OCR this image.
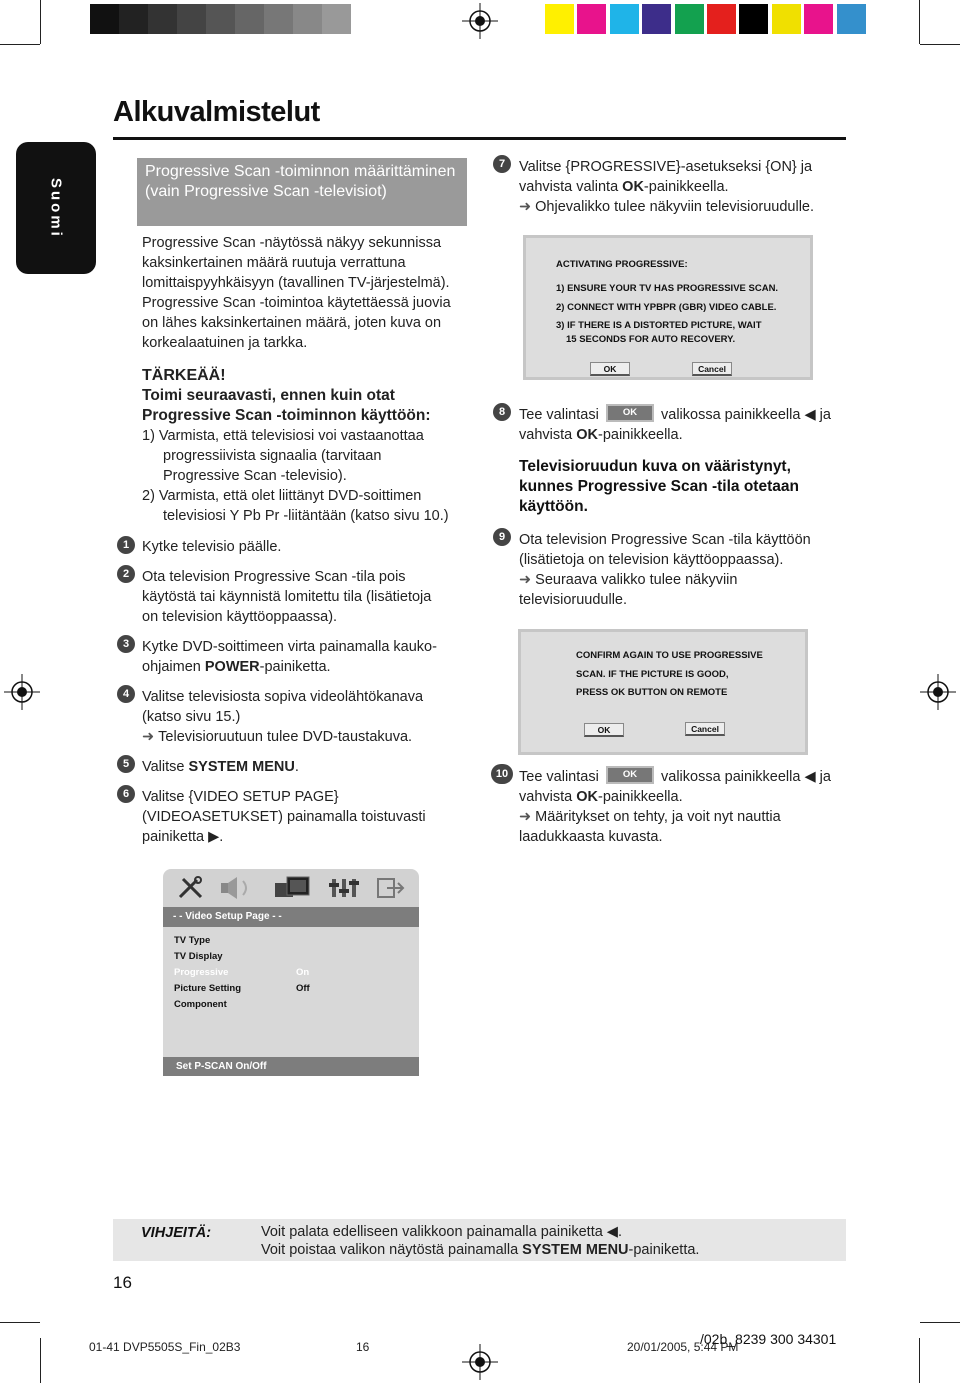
Alkuvalmistelut
Suomi
Progressive Scan -toiminnon määrittäminen (vain Progressive Scan -televisiot)
Progressive Scan -näytössä näkyy sekunnissa
kaksinkertainen määrä ruutuja verrattuna
lomittaispyyhkäisyyn (tavallinen TV-järjestelmä).
Progressive Scan -toimintoa käytettäessä juovia
on lähes kaksinkertainen määrä, joten kuva on
korkealaatuinen ja tarkka.
TÄRKEÄÄ!
Toimi seuraavasti, ennen kuin otat
Progressive Scan -toiminnon käyttöön:
1) Varmista, että televisiosi voi vastaanottaa
progressiivista signaalia (tarvitaan
Progressive Scan -televisio).
2) Varmista, että olet liittänyt DVD-soittimen
televisiosi Y Pb Pr -liitäntään (katso sivu 10.)
1 Kytke televisio päälle.
2 Ota television Progressive Scan -tila pois
käytöstä tai käynnistä lomitettu tila (lisätietoja
on television käyttöoppaassa).
3 Kytke DVD-soittimeen virta painamalla kauko-
ohjaimen POWER-painiketta.
4 Valitse televisiosta sopiva videolähtökanava
(katso sivu 15.)
➜ Televisioruutuun tulee DVD-taustakuva.
5 Valitse SYSTEM MENU.
6 Valitse {VIDEO SETUP PAGE}
(VIDEOASETUKSET) painamalla toistuvasti
painiketta ▶.
7 Valitse {PROGRESSIVE}-asetukseksi {ON} ja
vahvista valinta OK-painikkeella.
➜ Ohjevalikko tulee näkyviin televisioruudulle.
ACTIVATING PROGRESSIVE:
1) ENSURE YOUR TV HAS PROGRESSIVE SCAN.
2) CONNECT WITH YPBPR (GBR) VIDEO CABLE.
3) IF THERE IS A DISTORTED PICTURE, WAIT
15 SECONDS FOR AUTO RECOVERY.
OK	Cancel
8 Tee valintasi	OK	valikossa painikkeella ◀ ja
vahvista OK-painikkeella.
Televisioruudun kuva on vääristynyt,
kunnes Progressive Scan -tila otetaan
käyttöön.
9 Ota television Progressive Scan -tila käyttöön
(lisätietoja on television käyttöoppaassa).
➜ Seuraava valikko tulee näkyviin
televisioruudulle.
CONFIRM AGAIN TO USE PROGRESSIVE
SCAN. IF THE PICTURE IS GOOD,
PRESS OK BUTTON ON REMOTE
OK	Cancel
10 Tee valintasi	OK	valikossa painikkeella ◀ ja
vahvista OK-painikkeella.
➜ Määritykset on tehty, ja voit nyt nauttia
laadukkaasta kuvasta.
- - Video Setup Page - -
TV Type
TV Display
Progressive	On
Picture Setting	Off
Component
Set P-SCAN On/Off
VIHJEITÄ:	Voit palata edelliseen valikkoon painamalla painiketta ◀.
Voit poistaa valikon näytöstä painamalla SYSTEM MENU-painiketta.
16
01-41 DVP5505S_Fin_02B3	16	20/01/2005, 5:44 PM
/02b_8239 300 34301
